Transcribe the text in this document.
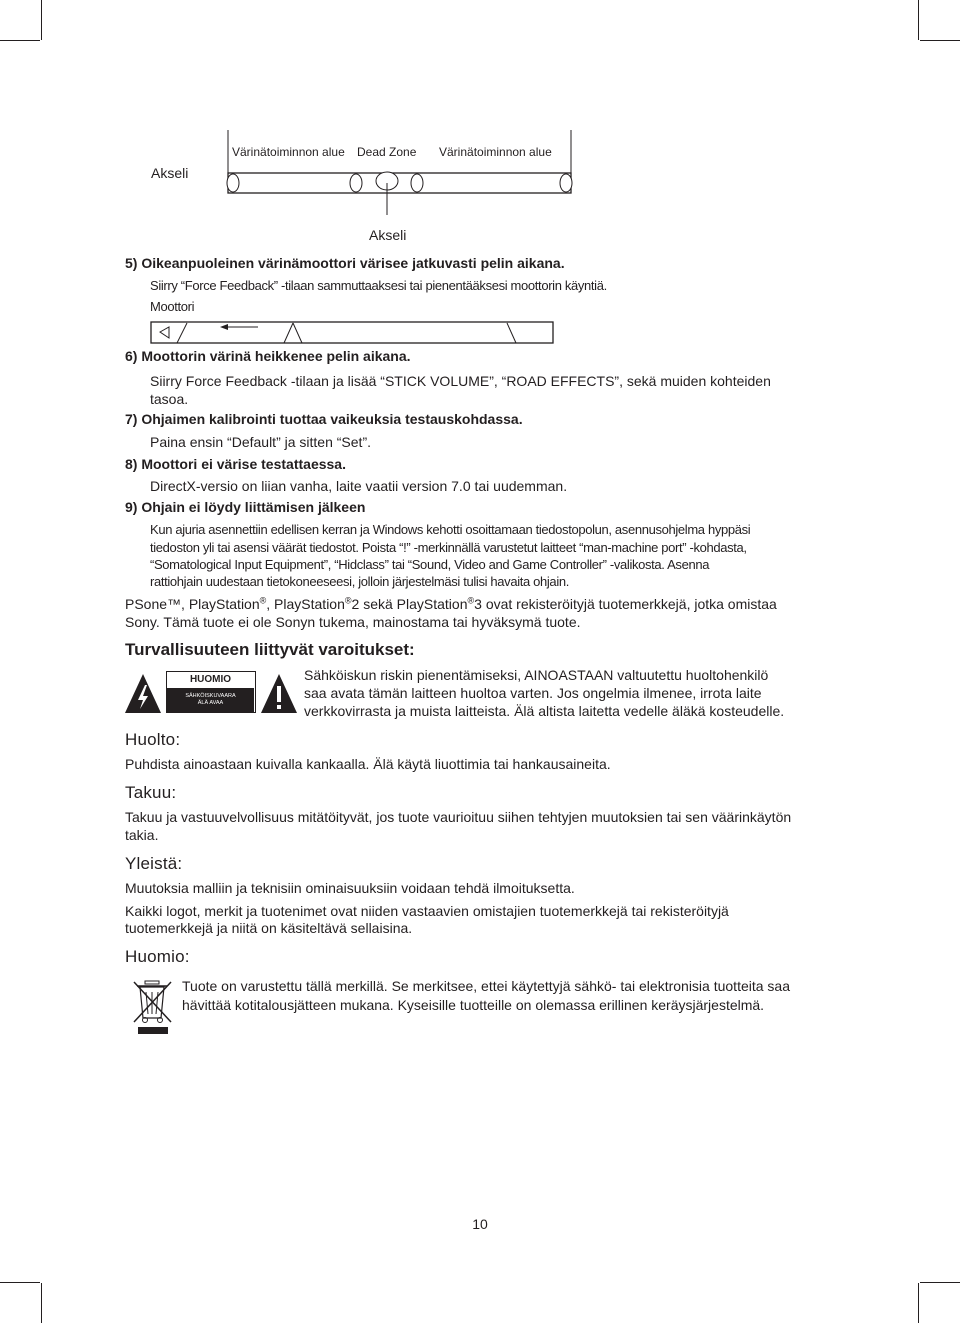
Akseli
Värinätoiminnon alue Dead Zone Värinätoiminnon alue
Akseli
5) Oikeanpuoleinen värinämoottori värisee jatkuvasti pelin aikana.
Siirry “Force Feedback” -tilaan sammuttaaksesi tai pienentääksesi moottorin käyntiä.
Moottori
6) Moottorin värinä heikkenee pelin aikana.
Siirry Force Feedback -tilaan ja lisää “STICK VOLUME”, “ROAD EFFECTS”, sekä muiden kohteiden
tasoa.
7) Ohjaimen kalibrointi tuottaa vaikeuksia testauskohdassa.
Paina ensin “Default” ja sitten “Set”.
8) Moottori ei värise testattaessa.
DirectX-versio on liian vanha, laite vaatii version 7.0 tai uudemman.
9) Ohjain ei löydy liittämisen jälkeen
Kun ajuria asennettiin edellisen kerran ja Windows kehotti osoittamaan tiedostopolun, asennusohjelma hyppäsi
tiedoston yli tai asensi väärät tiedostot. Poista “!” -merkinnällä varustetut laitteet “man-machine port” -kohdasta,
“Somatological Input Equipment”, “Hidclass” tai “Sound, Video and Game Controller” -valikosta. Asenna
rattiohjain uudestaan tietokoneeseesi, jolloin järjestelmäsi tulisi havaita ohjain.
PSone™, PlayStation®, PlayStation®2 sekä PlayStation®3 ovat rekisteröityjä tuotemerkkejä, jotka omistaa
Sony. Tämä tuote ei ole Sonyn tukema, mainostama tai hyväksymä tuote.
Turvallisuuteen liittyvät varoitukset:
HUOMIO
SÄHKÖISKUVAARA
ÄLÄ AVAA
Sähköiskun riskin pienentämiseksi, AINOASTAAN valtuutettu huoltohenkilö
saa avata tämän laitteen huoltoa varten. Jos ongelmia ilmenee, irrota laite
verkkovirrasta ja muista laitteista. Älä altista laitetta vedelle äläkä kosteudelle.
Huolto:
Puhdista ainoastaan kuivalla kankaalla. Älä käytä liuottimia tai hankausaineita.
Takuu:
Takuu ja vastuuvelvollisuus mitätöityvät, jos tuote vaurioituu siihen tehtyjen muutoksien tai sen väärinkäytön
takia.
Yleistä:
Muutoksia malliin ja teknisiin ominaisuuksiin voidaan tehdä ilmoituksetta.
Kaikki logot, merkit ja tuotenimet ovat niiden vastaavien omistajien tuotemerkkejä tai rekisteröityjä
tuotemerkkejä ja niitä on käsiteltävä sellaisina.
Huomio:
Tuote on varustettu tällä merkillä. Se merkitsee, ettei käytettyjä sähkö- tai elektronisia tuotteita saa
hävittää kotitalousjätteen mukana. Kyseisille tuotteille on olemassa erillinen keräysjärjestelmä.
10
